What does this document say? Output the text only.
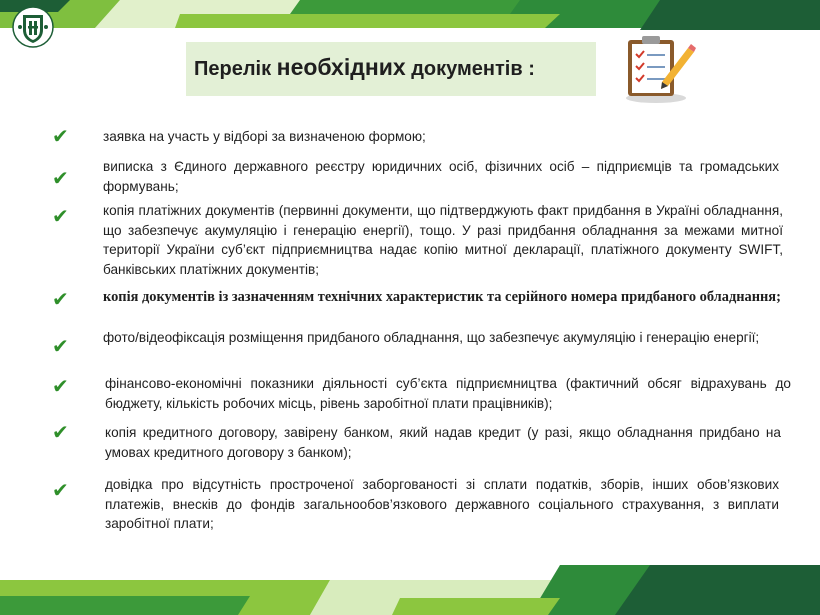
Перелік необхідних документів :
✔	заявка на участь у відборі за визначеною формою;
✔	виписка з Єдиного державного реєстру юридичних осіб, фізичних осіб – підприємців та громадських формувань;
✔	копія платіжних документів (первинні документи, що підтверджують факт придбання в Україні обладнання, що забезпечує акумуляцію і генерацію енергії), тощо. У разі придбання обладнання за межами митної території України суб’єкт підприємництва надає копію митної декларації, платіжного документу SWIFT, банківських платіжних документів;
✔ копія документів із зазначенням технічних характеристик та серійного номера придбаного обладнання;
✔	фото/відеофіксація розміщення придбаного обладнання, що забезпечує акумуляцію і генерацію енергії;
✔	фінансово-економічні показники діяльності суб’єкта підприємництва (фактичний обсяг відрахувань до бюджету, кількість робочих місць, рівень заробітної плати працівників);
✔	копія кредитного договору, завірену банком, який надав кредит (у разі, якщо обладнання придбано на умовах кредитного договору з банком);
✔	довідка про відсутність простроченої заборгованості зі сплати податків, зборів, інших обов’язкових платежів, внесків до фондів загальнообов’язкового державного соціального страхування, з виплати заробітної плати;
